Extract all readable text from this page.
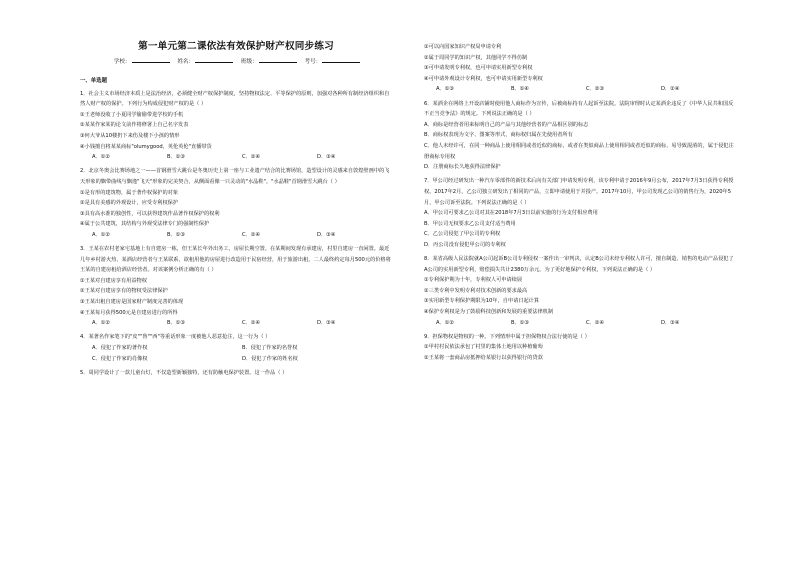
第一单元第二课依法有效保护财产权同步练习
学校：	姓名：	班级：	考号：
一、单选题
1．社会主义市场经济本质上是法治经济，必须健全财产权保护制度，坚持物权法定、平等保护的原则，加强对各种所有制经济组织和自然人财产权的保护。下列行为构成侵犯财产权的是（ ）
①王老师没收了小夏同学偷偷带进学校的手机
②某某作家某的论文前作将修署上自己名字发表
③何大爷从10楼扔下来伤及楼下小孩的情形
④小钱擅自将某某商标"olumygood，英伦英伦"直播带货
A．①②	B．①③	C．②④	D．③④
2．北京冬奥会比赛场地之一——首钢滑雪大跳台是冬奥历史上第一座与工业遗产结合的比赛场馆，造型设计的灵感来自敦煌壁画中的飞天形象的飘带曲线与飘逸"飞天"形象的完美契合，从侧面看像一只灵动的"水晶鞋"。"水晶鞋"首钢滑雪大跳台（ ）
①是有形的建筑物，属于著作权保护的对象
②是具有美感的外观设计，应受专利权保护
③具有高水准的独创性，可以获得建筑作品著作权保护的权利
④属于公共建筑，其结构与外观受法律专门的强制性保护
A．①②	B．①③	C．②④	D．③④
3．王某在农村老家宅基地上有自建房一栋，但王某长年外出务工，房屋长期空置。在某期间发现有承建房，村里自建房一直闲置。最近几年乡村游火热，某酒店经营者与王某联系，欲租用他的房屋进行改造用于民宿经营，用于旅游出租，二人最终约定每月500元的价格将王某的自建房租给酒店经营者。对该案例分析正确的有（ ）
①王某对自建房享有用益物权
②王某对自建房享有的物权受法律保护
③王某出租自建房是国家财产制度完善的体现
④王某每月获得500元是自建房进行的所得
A．①②	B．①③	C．②④	D．③④
4．某著名作家笔下的"皮""鲁""西"等重话形象一度被他人恶意抢注，这一行为（ ）
A．侵犯了作家的著作权	B．侵犯了作家的名誉权
C．侵犯了作家的肖像权	D．侵犯了作家的姓名权
5．周同学设计了一款儿童台灯，不仅造型新颖独特，还有防触电保护装置。这一作品（ ）
①可以向国家知识产权局申请专利
②属于周同学的知识产权，其他同学不得仿制
③可申请发明专利权，也可申请实用新型专利权
④可申请外观设计专利权，也可申请实用新型专利权
A．①③	B．①④	C．②③	D．②④
6．某酒企在网络上开设店铺时使用他人商标作为宣传，后被商标持有人起诉至法院。法院审理时认定某酒企违反了《中华人民共和国反不正当竞争法》的规定。下列说法正确的是（ ）
A．商标是经营者用来标明自己的产品与其他经营者的产品相区别的标志
B．商标权表现为文字、图案等形式，商标权归属在先使用者所有
C．他人未经许可，在同一种商品上使用相同或者近似的商标，或者在类似商品上使用相同或者近似的商标，易导致混淆的，属于侵犯注册商标专用权
D．注册商标长久地获得法律保护
7．甲公司经过研发出一种汽车零部件的新技术后向有关部门申请发明专利，该专利申请于2016年9月公布，2017年7月3日获得专利授权。2017年2月，乙公司独立研发出了相同的产品，立即申请使用于并投产。2017年10月，甲公司发现乙公司的销售行为，2020年5月，甲公司诉至法院。下列说法正确的是（ ）
A．甲公司可要求乙公司对其在2018年7月3日以前实施的行为支付相应费用
B．甲公司无权要求乙公司支付适当费用
C．乙公司侵犯了甲公司的专利权
D．丙公司没有侵犯甲公司的专利权
8．某省高级人民法院就A公司起诉B公司专利侵权一案作出一审判决，认定B公司未经专利权人许可，擅自制造、销售的电动产品侵犯了A公司的实用新型专利，赔偿损失共计2380万余元。为了更好地保护专利权，下列说法正确的是（ ）
①专利保护期为十年，专利权人可申请续展
②三类专利中发明专利对技术创新的要求最高
③实用新型专利保护期限为10年，自申请日起计算
④保护专利权是为了鼓励科技创新和发展的重要法律机制
A．①②	B．①③	C．②④	D．③④
9．担保物权是物权的一种。下列情形中属于担保物权合法行使的是（ ）
①甲村村民依法承包了村里的集体土地用以种植葡萄
②王某将一套商品房抵押给某银行以获得银行的贷款
